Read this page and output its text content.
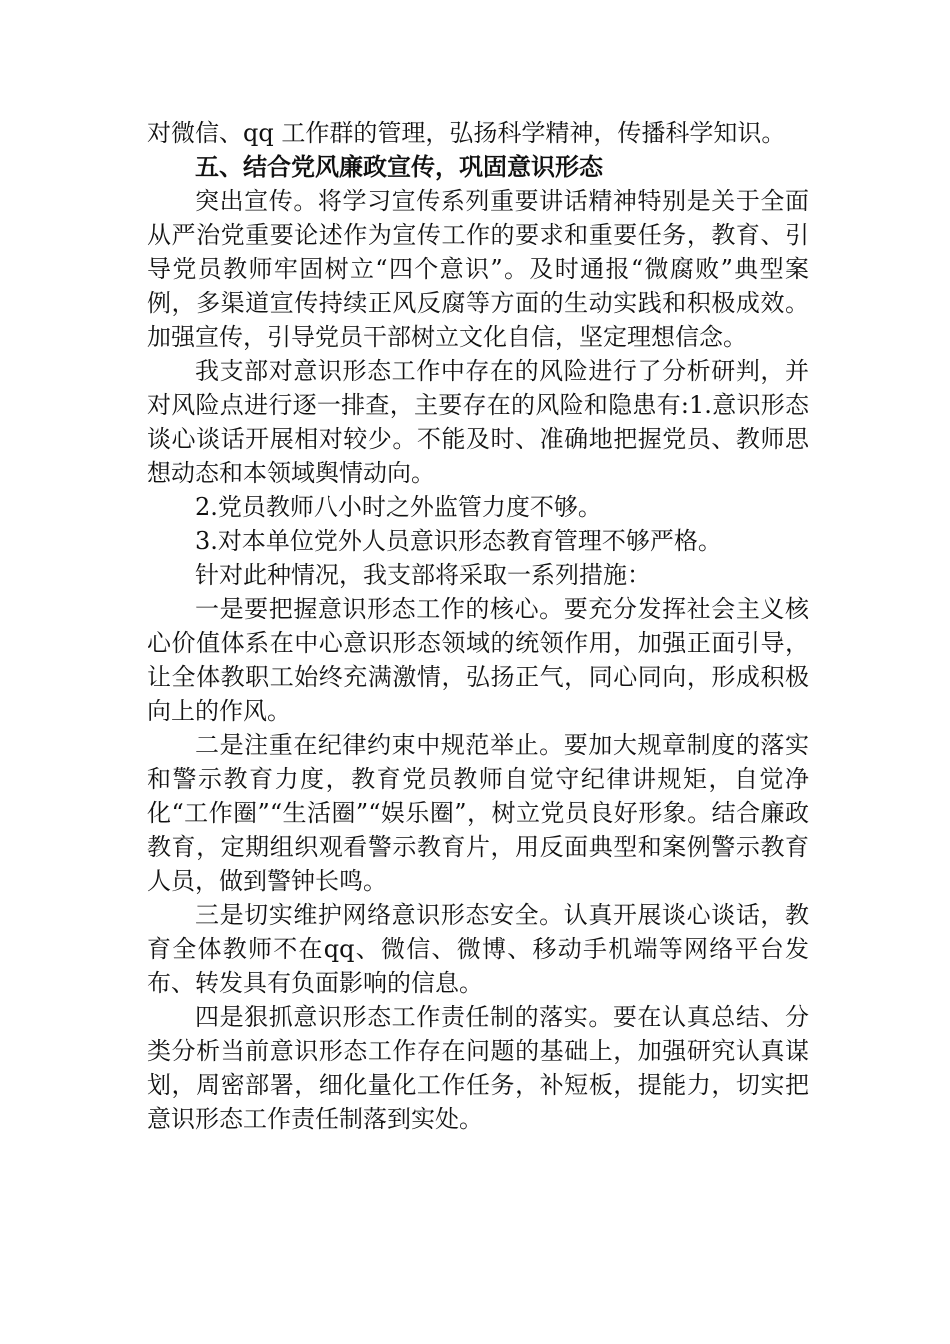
对微信、qq 工作群的管理，弘扬科学精神，传播科学知识。

五、结合党风廉政宣传，巩固意识形态

突出宣传。将学习宣传系列重要讲话精神特别是关于全面从严治党重要论述作为宣传工作的要求和重要任务，教育、引导党员教师牢固树立“四个意识”。及时通报“微腐败”典型案例，多渠道宣传持续正风反腐等方面的生动实践和积极成效。加强宣传，引导党员干部树立文化自信，坚定理想信念。

我支部对意识形态工作中存在的风险进行了分析研判，并对风险点进行逐一排查，主要存在的风险和隐患有:1.意识形态谈心谈话开展相对较少。不能及时、准确地把握党员、教师思想动态和本领域舆情动向。

2.党员教师八小时之外监管力度不够。

3.对本单位党外人员意识形态教育管理不够严格。

针对此种情况，我支部将采取一系列措施：

一是要把握意识形态工作的核心。要充分发挥社会主义核心价值体系在中心意识形态领域的统领作用，加强正面引导，让全体教职工始终充满激情，弘扬正气，同心同向，形成积极向上的作风。

二是注重在纪律约束中规范举止。要加大规章制度的落实和警示教育力度，教育党员教师自觉守纪律讲规矩，自觉净化“工作圈”“生活圈”“娱乐圈”，树立党员良好形象。结合廉政教育，定期组织观看警示教育片，用反面典型和案例警示教育人员，做到警钟长鸣。

三是切实维护网络意识形态安全。认真开展谈心谈话，教育全体教师不在qq、微信、微博、移动手机端等网络平台发布、转发具有负面影响的信息。

四是狠抓意识形态工作责任制的落实。要在认真总结、分类分析当前意识形态工作存在问题的基础上，加强研究认真谋划，周密部署，细化量化工作任务，补短板，提能力，切实把意识形态工作责任制落到实处。
